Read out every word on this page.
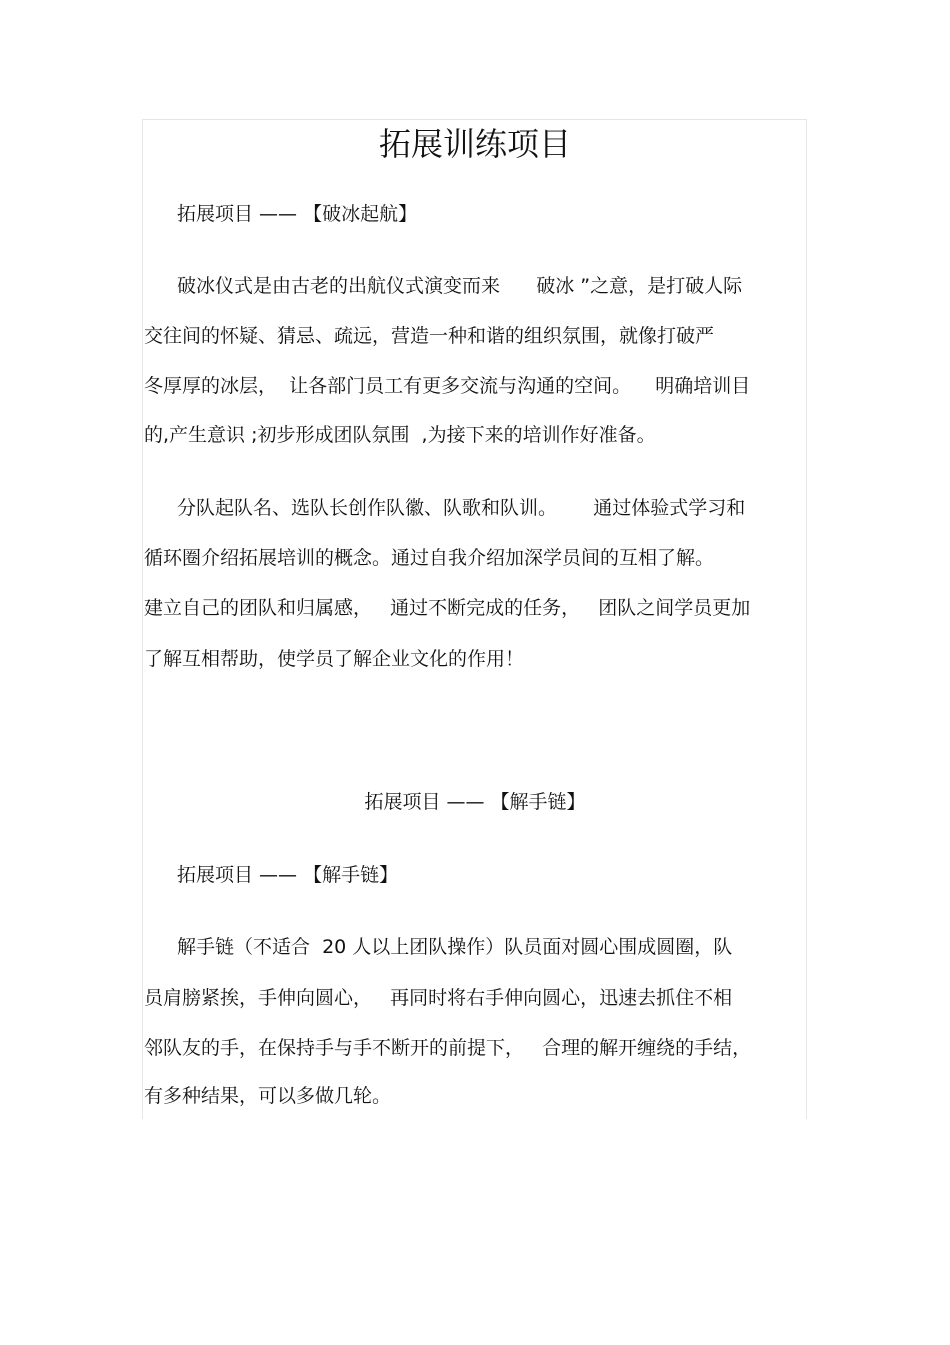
拓展训练项目

拓展项目 —— 【破冰起航】

破冰仪式是由古老的出航仪式演变而来      破冰 ”之意，是打破人际

交往间的怀疑、猜忌、疏远，营造一种和谐的组织氛围，就像打破严

冬厚厚的冰层，  让各部门员工有更多交流与沟通的空间。    明确培训目

的,产生意识 ;初步形成团队氛围  ,为接下来的培训作好准备。

分队起队名、选队长创作队徽、队歌和队训。      通过体验式学习和

循环圈介绍拓展培训的概念。通过自我介绍加深学员间的互相了解。

建立自己的团队和归属感，   通过不断完成的任务，   团队之间学员更加

了解互相帮助，使学员了解企业文化的作用！

拓展项目 —— 【解手链】

拓展项目 —— 【解手链】

解手链（不适合  20 人以上团队操作）队员面对圆心围成圆圈，队

员肩膀紧挨，手伸向圆心，   再同时将右手伸向圆心，迅速去抓住不相

邻队友的手，在保持手与手不断开的前提下，   合理的解开缠绕的手结，

有多种结果，可以多做几轮。
